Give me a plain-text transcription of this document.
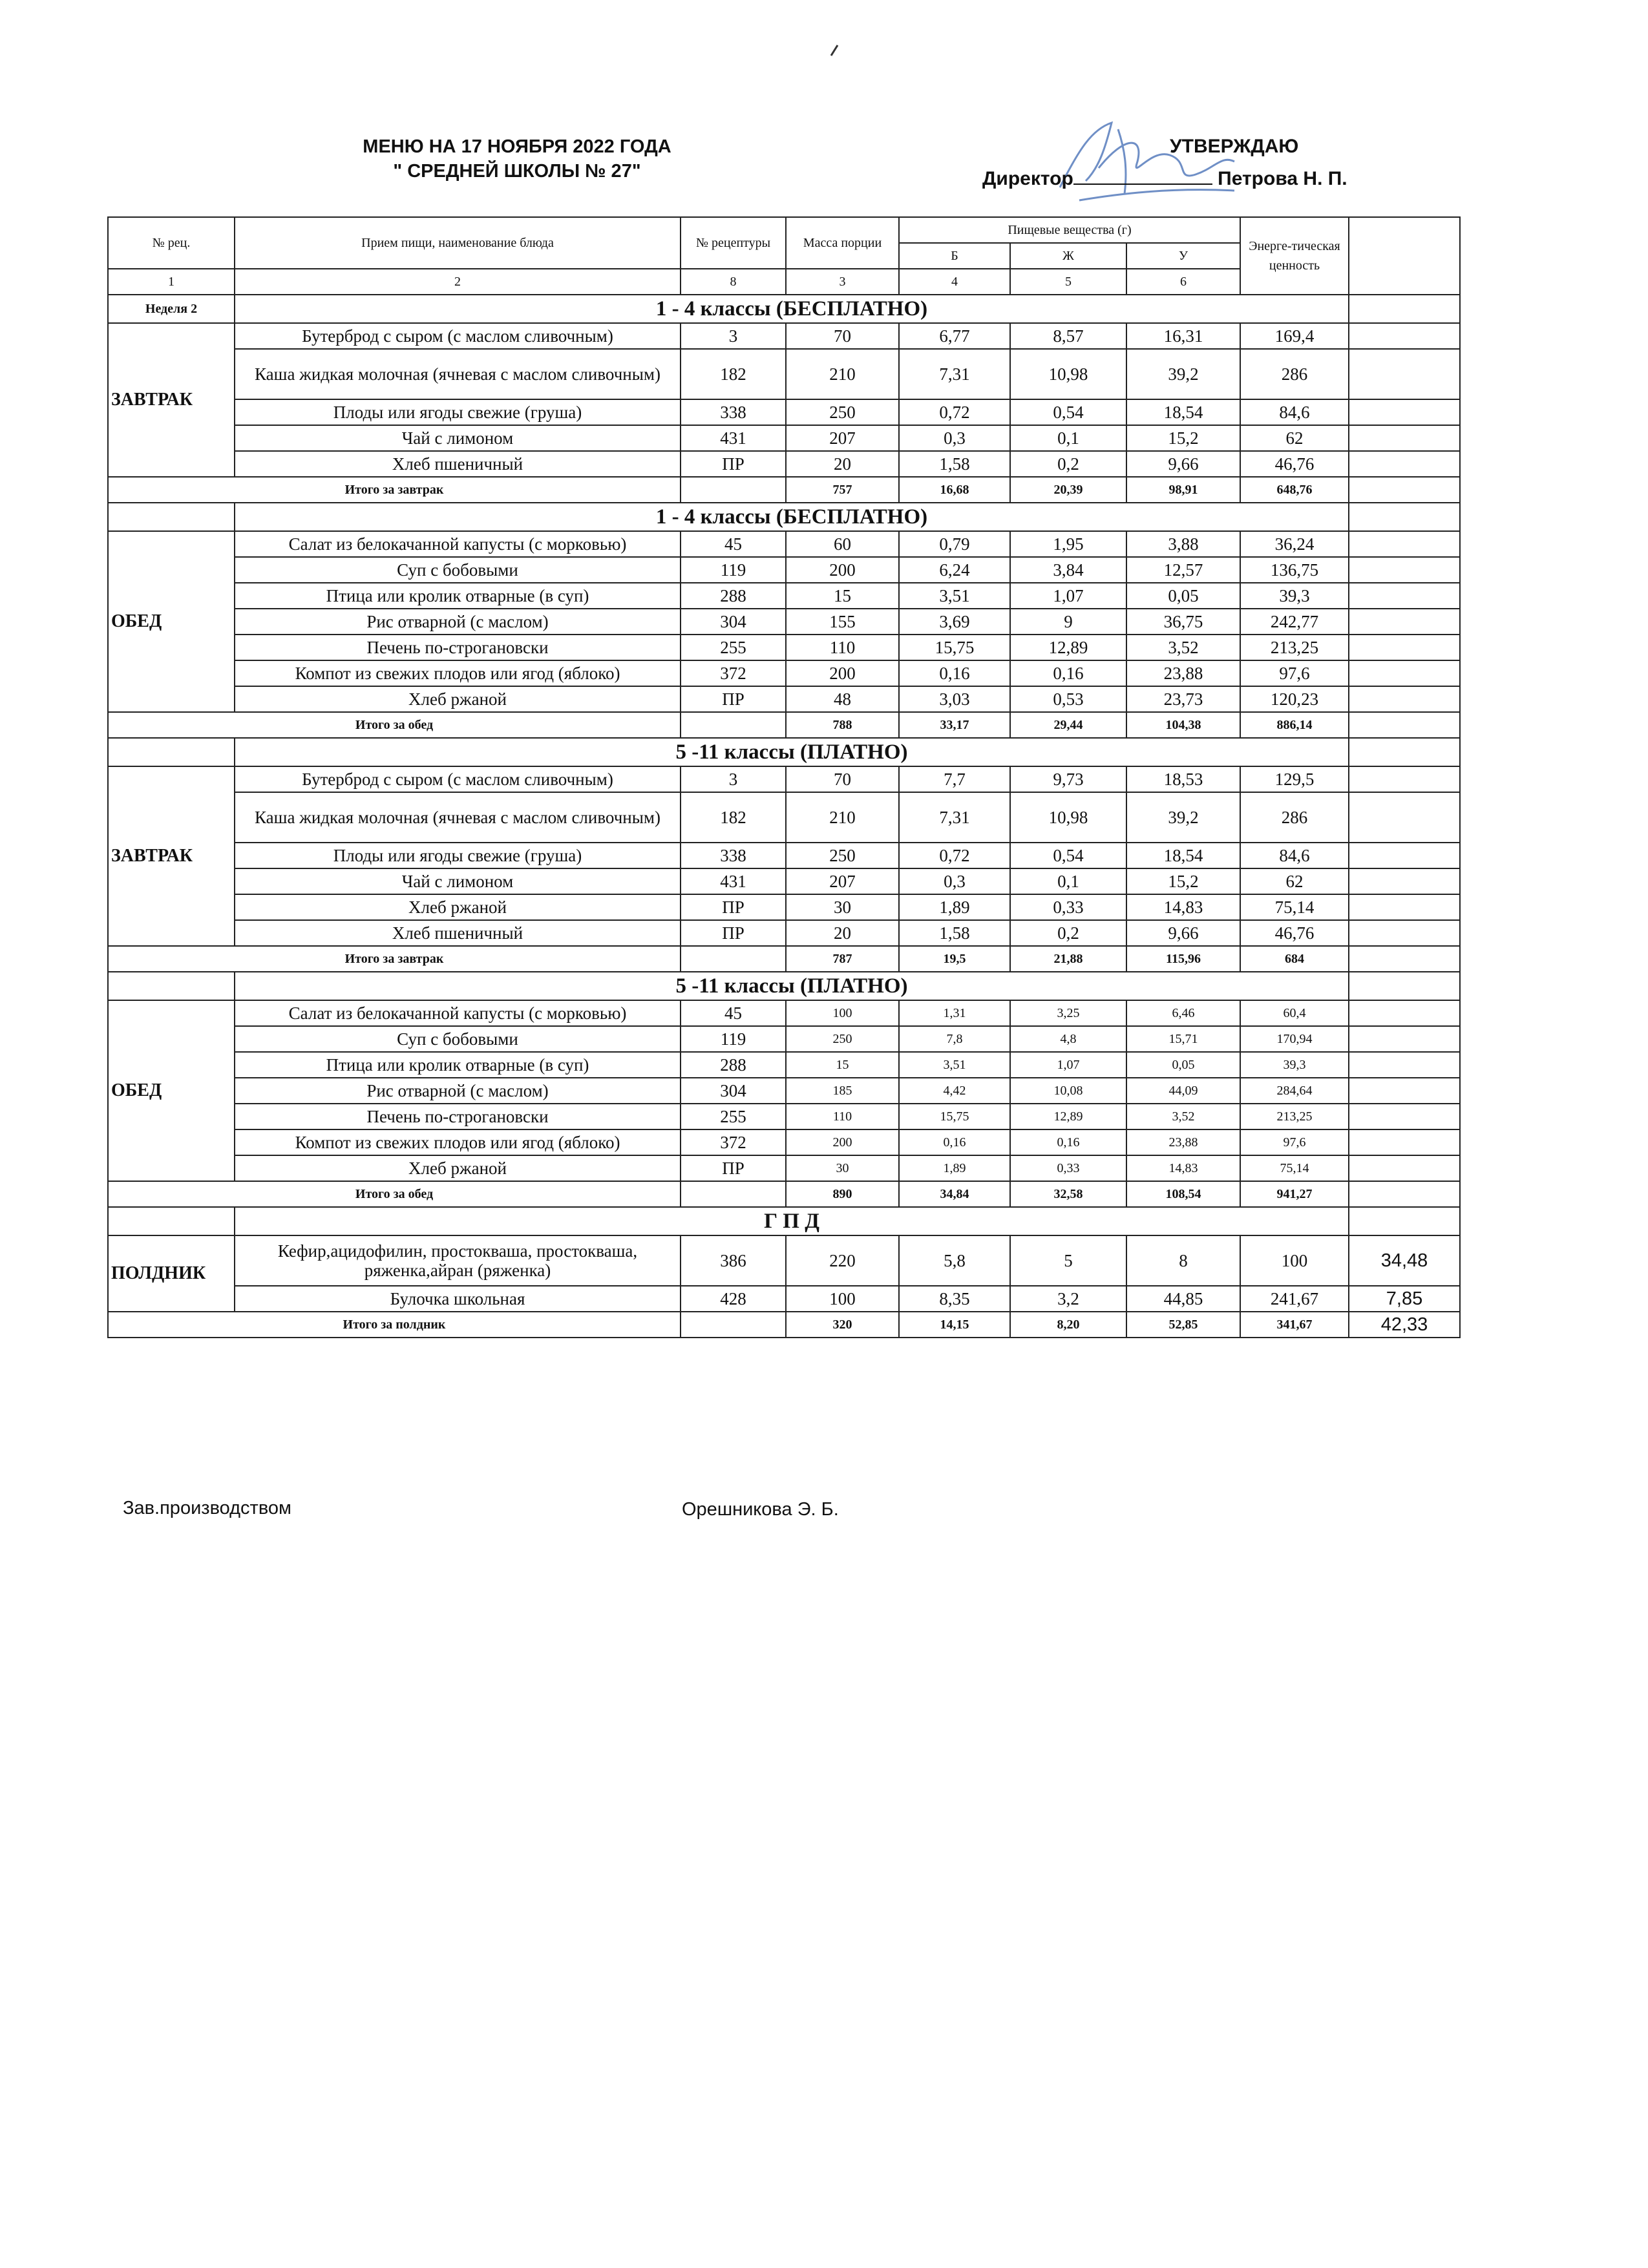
МЕНЮ НА 17 НОЯБРЯ 2022 ГОДА
" СРЕДНЕЙ ШКОЛЫ № 27"
УТВЕРЖДАЮ
Директор	Петрова Н. П.
№ рец.	Прием пищи, наименование блюда	№ рецептуры	Масса порции	Пищевые вещества (г)			Энерге-тическая ценность	
				Б	Ж	У		
1	2	8	3	4	5	6		
Неделя 2	1 - 4 классы (БЕСПЛАТНО)							
ЗАВТРАК	Бутерброд с сыром (с маслом сливочным)	3	70	6,77	8,57	16,31	169,4	
	Каша жидкая молочная (ячневая с маслом сливочным)	182	210	7,31	10,98	39,2	286	
	Плоды или ягоды свежие (груша)	338	250	0,72	0,54	18,54	84,6	
	Чай с лимоном	431	207	0,3	0,1	15,2	62	
	Хлеб пшеничный	ПР	20	1,58	0,2	9,66	46,76	
Итого за завтрак			757	16,68	20,39	98,91	648,76	
	1 - 4 классы (БЕСПЛАТНО)							
ОБЕД	Салат из белокачанной капусты (с морковью)	45	60	0,79	1,95	3,88	36,24	
	Суп с бобовыми	119	200	6,24	3,84	12,57	136,75	
	Птица или кролик отварные (в суп)	288	15	3,51	1,07	0,05	39,3	
	Рис отварной (с маслом)	304	155	3,69	9	36,75	242,77	
	Печень по-строгановски	255	110	15,75	12,89	3,52	213,25	
	Компот из свежих плодов или ягод (яблоко)	372	200	0,16	0,16	23,88	97,6	
	Хлеб ржаной	ПР	48	3,03	0,53	23,73	120,23	
Итого за обед			788	33,17	29,44	104,38	886,14	
	5 -11 классы (ПЛАТНО)							
ЗАВТРАК	Бутерброд с сыром (с маслом сливочным)	3	70	7,7	9,73	18,53	129,5	
	Каша жидкая молочная (ячневая с маслом сливочным)	182	210	7,31	10,98	39,2	286	
	Плоды или ягоды свежие (груша)	338	250	0,72	0,54	18,54	84,6	
	Чай с лимоном	431	207	0,3	0,1	15,2	62	
	Хлеб ржаной	ПР	30	1,89	0,33	14,83	75,14	
	Хлеб пшеничный	ПР	20	1,58	0,2	9,66	46,76	
Итого за завтрак			787	19,5	21,88	115,96	684	
	5 -11 классы (ПЛАТНО)							
ОБЕД	Салат из белокачанной капусты (с морковью)	45	100	1,31	3,25	6,46	60,4	
	Суп с бобовыми	119	250	7,8	4,8	15,71	170,94	
	Птица или кролик отварные (в суп)	288	15	3,51	1,07	0,05	39,3	
	Рис отварной (с маслом)	304	185	4,42	10,08	44,09	284,64	
	Печень по-строгановски	255	110	15,75	12,89	3,52	213,25	
	Компот из свежих плодов или ягод (яблоко)	372	200	0,16	0,16	23,88	97,6	
	Хлеб ржаной	ПР	30	1,89	0,33	14,83	75,14	
Итого за обед			890	34,84	32,58	108,54	941,27	
	Г П Д							
ПОЛДНИК	Кефир,ацидофилин, простокваша, простокваша, ряженка,айран (ряженка)	386	220	5,8	5	8	100	34,48
	Булочка школьная	428	100	8,35	3,2	44,85	241,67	7,85
Итого за полдник			320	14,15	8,20	52,85	341,67	42,33
Зав.производством	Орешникова Э. Б.
